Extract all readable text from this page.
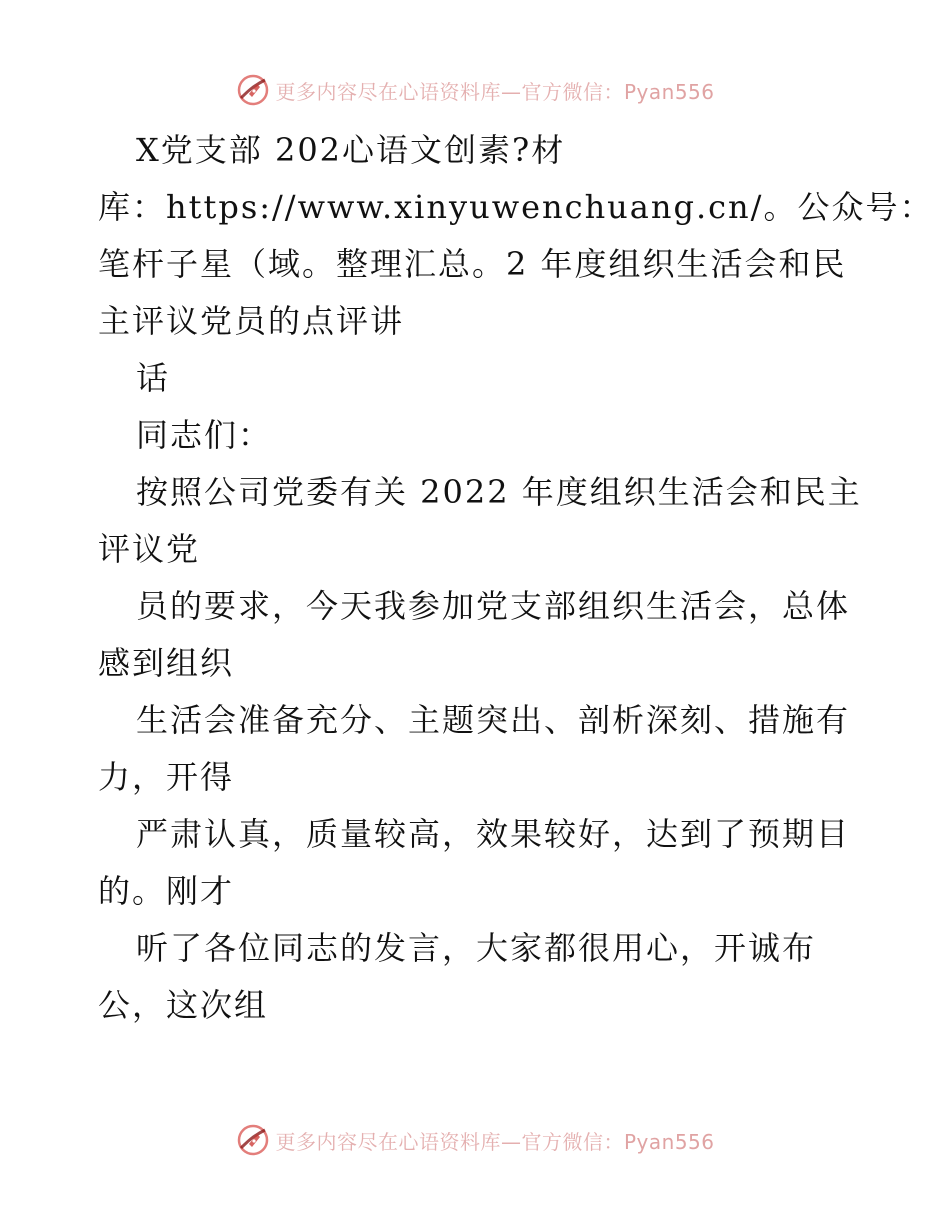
更多内容尽在心语资料库—官方微信：Pyan556
X党支部 202心语文创素?材
库：https://www.xinyuwenchuang.cn/。公众号：
笔杆子星（域。整理汇总。2 年度组织生活会和民
主评议党员的点评讲
话
同志们：
按照公司党委有关 2022 年度组织生活会和民主
评议党
员的要求，今天我参加党支部组织生活会，总体
感到组织
生活会准备充分、主题突出、剖析深刻、措施有
力，开得
严肃认真，质量较高，效果较好，达到了预期目
的。刚才
听了各位同志的发言，大家都很用心，开诚布
公，这次组
更多内容尽在心语资料库—官方微信：Pyan556
